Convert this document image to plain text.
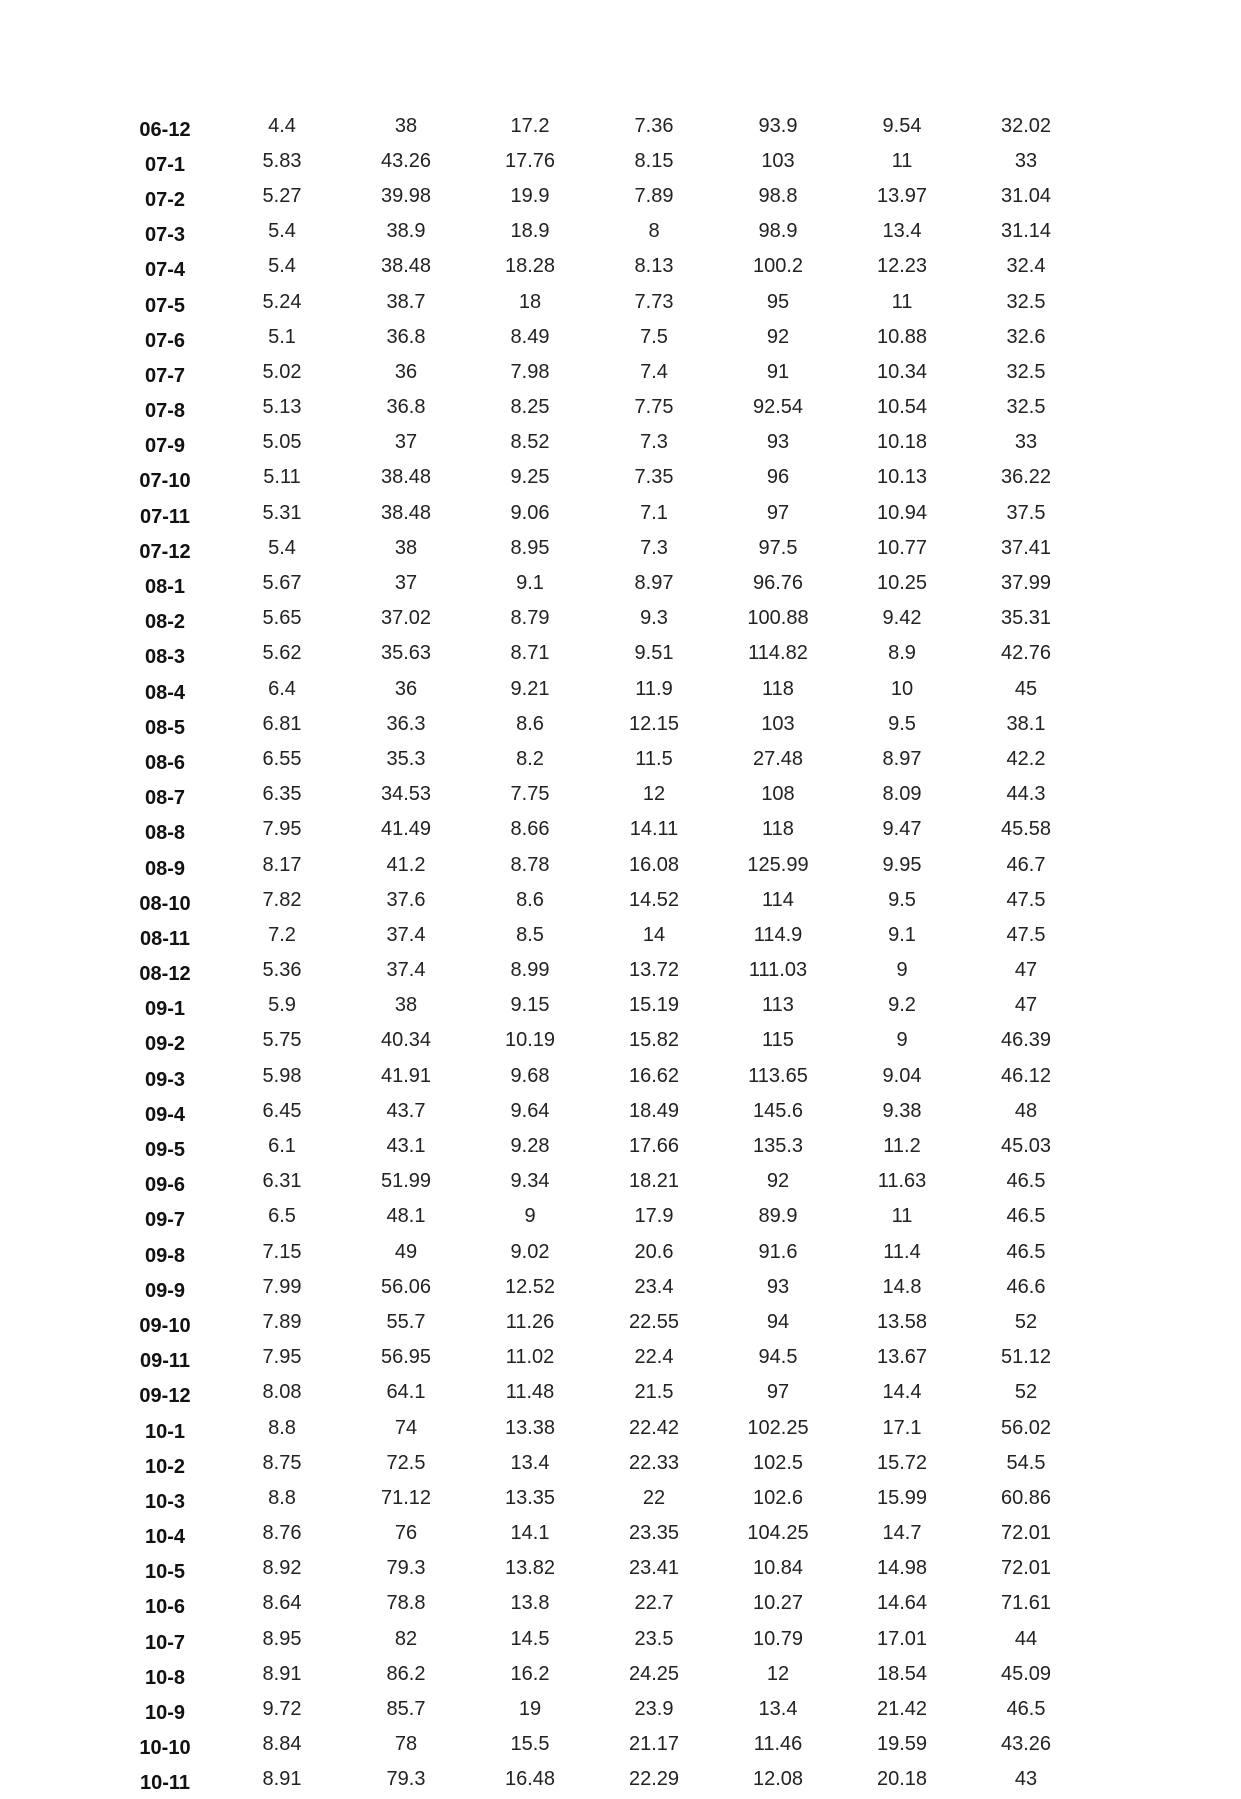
06-12	4.4	38	17.2	7.36	93.9	9.54	32.02
07-1	5.83	43.26	17.76	8.15	103	11	33
07-2	5.27	39.98	19.9	7.89	98.8	13.97	31.04
07-3	5.4	38.9	18.9	8	98.9	13.4	31.14
07-4	5.4	38.48	18.28	8.13	100.2	12.23	32.4
07-5	5.24	38.7	18	7.73	95	11	32.5
07-6	5.1	36.8	8.49	7.5	92	10.88	32.6
07-7	5.02	36	7.98	7.4	91	10.34	32.5
07-8	5.13	36.8	8.25	7.75	92.54	10.54	32.5
07-9	5.05	37	8.52	7.3	93	10.18	33
07-10	5.11	38.48	9.25	7.35	96	10.13	36.22
07-11	5.31	38.48	9.06	7.1	97	10.94	37.5
07-12	5.4	38	8.95	7.3	97.5	10.77	37.41
08-1	5.67	37	9.1	8.97	96.76	10.25	37.99
08-2	5.65	37.02	8.79	9.3	100.88	9.42	35.31
08-3	5.62	35.63	8.71	9.51	114.82	8.9	42.76
08-4	6.4	36	9.21	11.9	118	10	45
08-5	6.81	36.3	8.6	12.15	103	9.5	38.1
08-6	6.55	35.3	8.2	11.5	27.48	8.97	42.2
08-7	6.35	34.53	7.75	12	108	8.09	44.3
08-8	7.95	41.49	8.66	14.11	118	9.47	45.58
08-9	8.17	41.2	8.78	16.08	125.99	9.95	46.7
08-10	7.82	37.6	8.6	14.52	114	9.5	47.5
08-11	7.2	37.4	8.5	14	114.9	9.1	47.5
08-12	5.36	37.4	8.99	13.72	111.03	9	47
09-1	5.9	38	9.15	15.19	113	9.2	47
09-2	5.75	40.34	10.19	15.82	115	9	46.39
09-3	5.98	41.91	9.68	16.62	113.65	9.04	46.12
09-4	6.45	43.7	9.64	18.49	145.6	9.38	48
09-5	6.1	43.1	9.28	17.66	135.3	11.2	45.03
09-6	6.31	51.99	9.34	18.21	92	11.63	46.5
09-7	6.5	48.1	9	17.9	89.9	11	46.5
09-8	7.15	49	9.02	20.6	91.6	11.4	46.5
09-9	7.99	56.06	12.52	23.4	93	14.8	46.6
09-10	7.89	55.7	11.26	22.55	94	13.58	52
09-11	7.95	56.95	11.02	22.4	94.5	13.67	51.12
09-12	8.08	64.1	11.48	21.5	97	14.4	52
10-1	8.8	74	13.38	22.42	102.25	17.1	56.02
10-2	8.75	72.5	13.4	22.33	102.5	15.72	54.5
10-3	8.8	71.12	13.35	22	102.6	15.99	60.86
10-4	8.76	76	14.1	23.35	104.25	14.7	72.01
10-5	8.92	79.3	13.82	23.41	10.84	14.98	72.01
10-6	8.64	78.8	13.8	22.7	10.27	14.64	71.61
10-7	8.95	82	14.5	23.5	10.79	17.01	44
10-8	8.91	86.2	16.2	24.25	12	18.54	45.09
10-9	9.72	85.7	19	23.9	13.4	21.42	46.5
10-10	8.84	78	15.5	21.17	11.46	19.59	43.26
10-11	8.91	79.3	16.48	22.29	12.08	20.18	43
